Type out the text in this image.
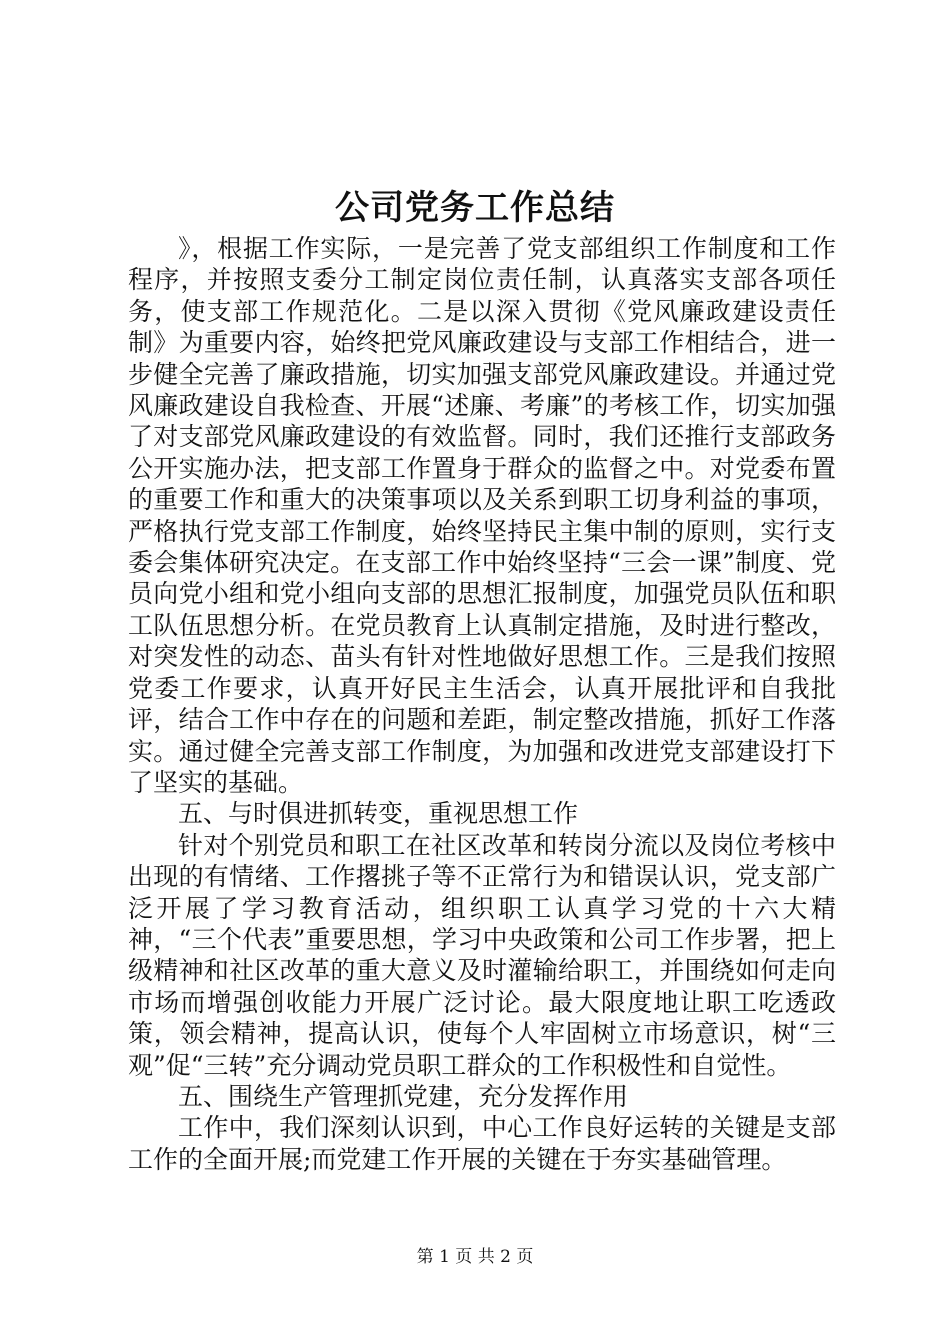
公司党务工作总结

》，根据工作实际，一是完善了党支部组织工作制度和工作程序，并按照支委分工制定岗位责任制，认真落实支部各项任务，使支部工作规范化。二是以深入贯彻《党风廉政建设责任制》为重要内容，始终把党风廉政建设与支部工作相结合，进一步健全完善了廉政措施，切实加强支部党风廉政建设。并通过党风廉政建设自我检查、开展“述廉、考廉”的考核工作，切实加强了对支部党风廉政建设的有效监督。同时，我们还推行支部政务公开实施办法，把支部工作置身于群众的监督之中。对党委布置的重要工作和重大的决策事项以及关系到职工切身利益的事项，严格执行党支部工作制度，始终坚持民主集中制的原则，实行支委会集体研究决定。在支部工作中始终坚持“三会一课”制度、党员向党小组和党小组向支部的思想汇报制度，加强党员队伍和职工队伍思想分析。在党员教育上认真制定措施，及时进行整改，对突发性的动态、苗头有针对性地做好思想工作。三是我们按照党委工作要求，认真开好民主生活会，认真开展批评和自我批评，结合工作中存在的问题和差距，制定整改措施，抓好工作落实。通过健全完善支部工作制度，为加强和改进党支部建设打下了坚实的基础。

五、与时俱进抓转变，重视思想工作

针对个别党员和职工在社区改革和转岗分流以及岗位考核中出现的有情绪、工作撂挑子等不正常行为和错误认识，党支部广泛开展了学习教育活动，组织职工认真学习党的十六大精神，“三个代表”重要思想，学习中央政策和公司工作步署，把上级精神和社区改革的重大意义及时灌输给职工，并围绕如何走向市场而增强创收能力开展广泛讨论。最大限度地让职工吃透政策，领会精神，提高认识，使每个人牢固树立市场意识，树“三观”促“三转”充分调动党员职工群众的工作积极性和自觉性。

五、围绕生产管理抓党建，充分发挥作用

工作中，我们深刻认识到，中心工作良好运转的关键是支部工作的全面开展;而党建工作开展的关键在于夯实基础管理。

第 1 页 共 2 页
